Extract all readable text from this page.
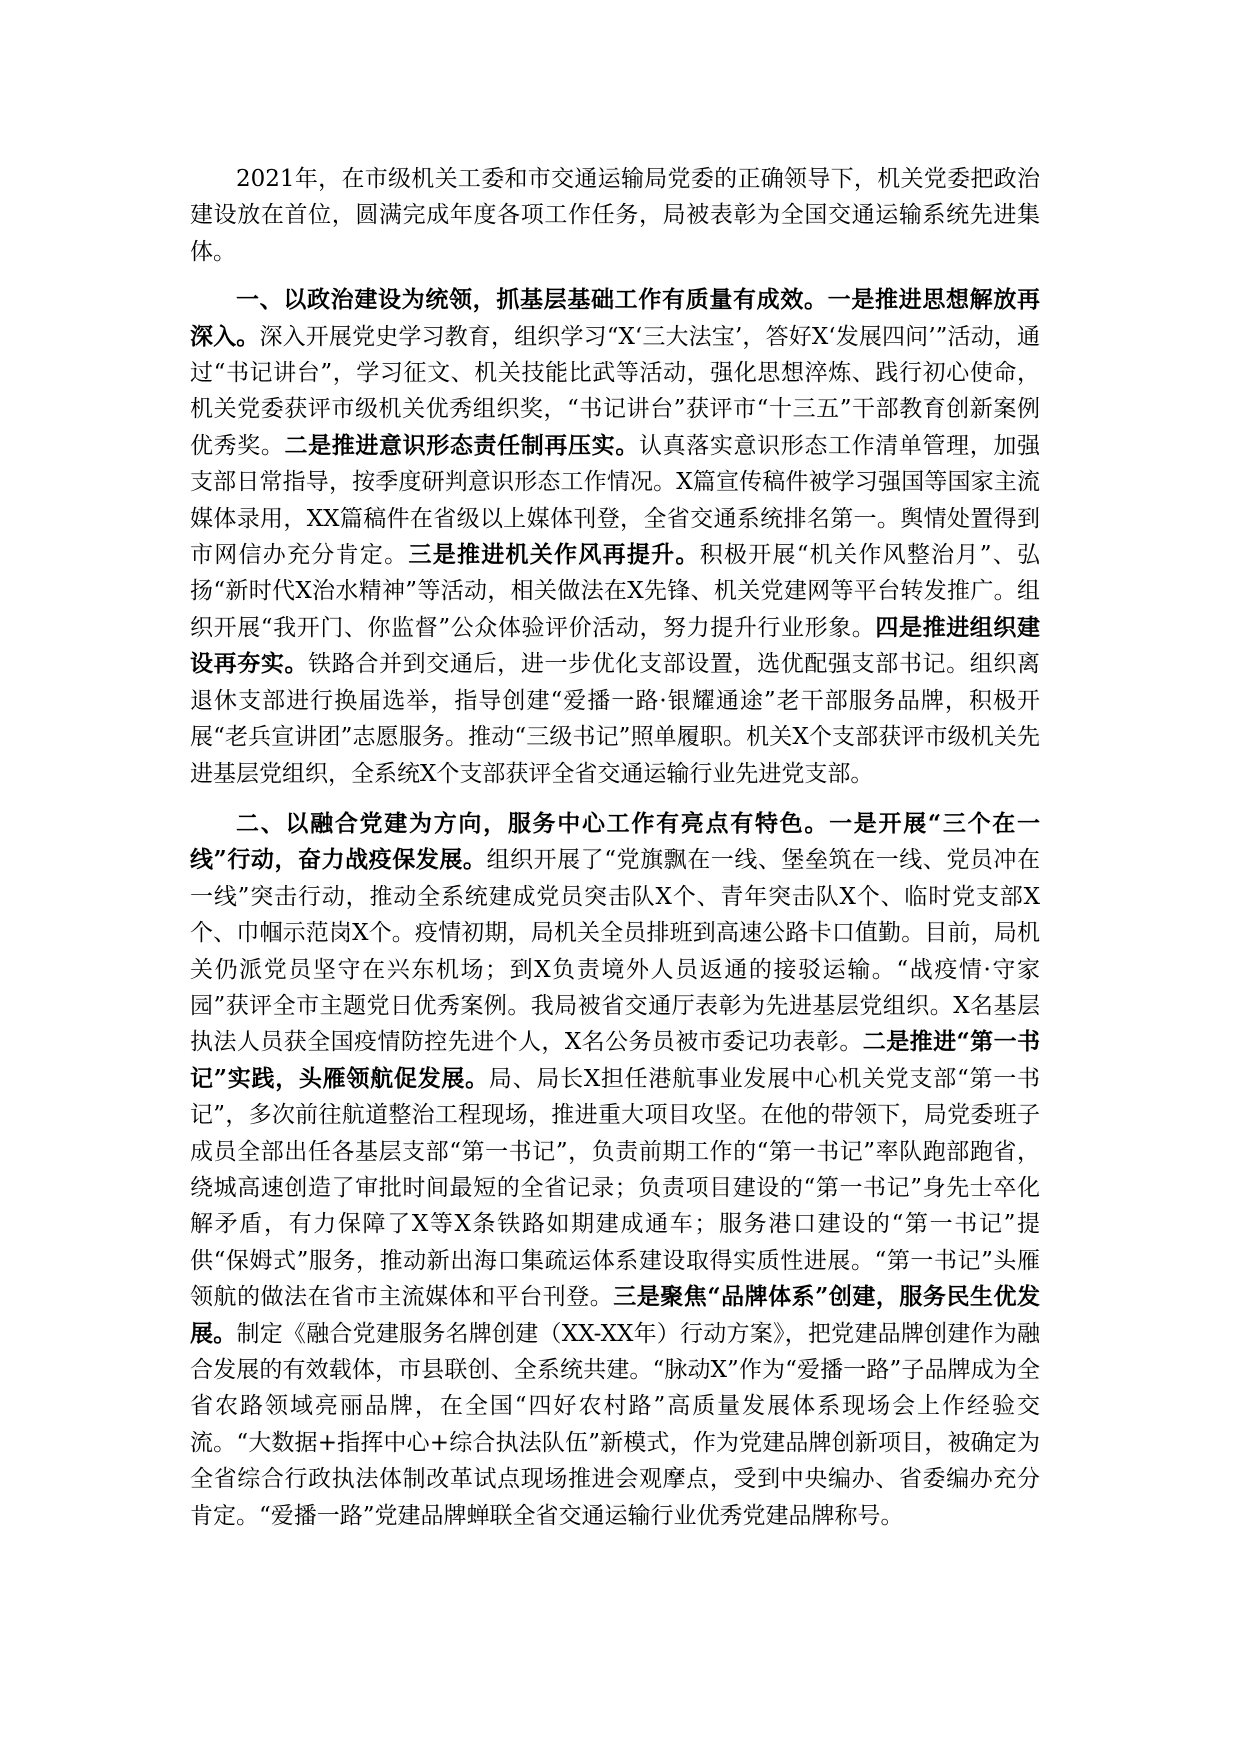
2021年，在市级机关工委和市交通运输局党委的正确领导下，机关党委把政治建设放在首位，圆满完成年度各项工作任务，局被表彰为全国交通运输系统先进集体。

一、以政治建设为统领，抓基层基础工作有质量有成效。一是推进思想解放再深入。深入开展党史学习教育，组织学习“X‘三大法宝’，答好X‘发展四问’”活动，通过“书记讲台”，学习征文、机关技能比武等活动，强化思想淬炼、践行初心使命，机关党委获评市级机关优秀组织奖，“书记讲台”获评市“十三五”干部教育创新案例优秀奖。二是推进意识形态责任制再压实。认真落实意识形态工作清单管理，加强支部日常指导，按季度研判意识形态工作情况。X篇宣传稿件被学习强国等国家主流媒体录用，XX篇稿件在省级以上媒体刊登，全省交通系统排名第一。舆情处置得到市网信办充分肯定。三是推进机关作风再提升。积极开展“机关作风整治月”、弘扬“新时代X治水精神”等活动，相关做法在X先锋、机关党建网等平台转发推广。组织开展“我开门、你监督”公众体验评价活动，努力提升行业形象。四是推进组织建设再夯实。铁路合并到交通后，进一步优化支部设置，选优配强支部书记。组织离退休支部进行换届选举，指导创建“爱播一路·银耀通途”老干部服务品牌，积极开展“老兵宣讲团”志愿服务。推动“三级书记”照单履职。机关X个支部获评市级机关先进基层党组织，全系统X个支部获评全省交通运输行业先进党支部。

二、以融合党建为方向，服务中心工作有亮点有特色。一是开展“三个在一线”行动，奋力战疫保发展。组织开展了“党旗飘在一线、堡垒筑在一线、党员冲在一线”突击行动，推动全系统建成党员突击队X个、青年突击队X个、临时党支部X个、巾帼示范岗X个。疫情初期，局机关全员排班到高速公路卡口值勤。目前，局机关仍派党员坚守在兴东机场；到X负责境外人员返通的接驳运输。“战疫情·守家园”获评全市主题党日优秀案例。我局被省交通厅表彰为先进基层党组织。X名基层执法人员获全国疫情防控先进个人，X名公务员被市委记功表彰。二是推进“第一书记”实践，头雁领航促发展。局、局长X担任港航事业发展中心机关党支部“第一书记”，多次前往航道整治工程现场，推进重大项目攻坚。在他的带领下，局党委班子成员全部出任各基层支部“第一书记”，负责前期工作的“第一书记”率队跑部跑省，绕城高速创造了审批时间最短的全省记录；负责项目建设的“第一书记”身先士卒化解矛盾，有力保障了X等X条铁路如期建成通车；服务港口建设的“第一书记”提供“保姆式”服务，推动新出海口集疏运体系建设取得实质性进展。“第一书记”头雁领航的做法在省市主流媒体和平台刊登。三是聚焦“品牌体系”创建，服务民生优发展。制定《融合党建服务名牌创建（XX-XX年）行动方案》，把党建品牌创建作为融合发展的有效载体，市县联创、全系统共建。“脉动X”作为“爱播一路”子品牌成为全省农路领域亮丽品牌，在全国“四好农村路”高质量发展体系现场会上作经验交流。“大数据+指挥中心+综合执法队伍”新模式，作为党建品牌创新项目，被确定为全省综合行政执法体制改革试点现场推进会观摩点，受到中央编办、省委编办充分肯定。“爱播一路”党建品牌蝉联全省交通运输行业优秀党建品牌称号。
